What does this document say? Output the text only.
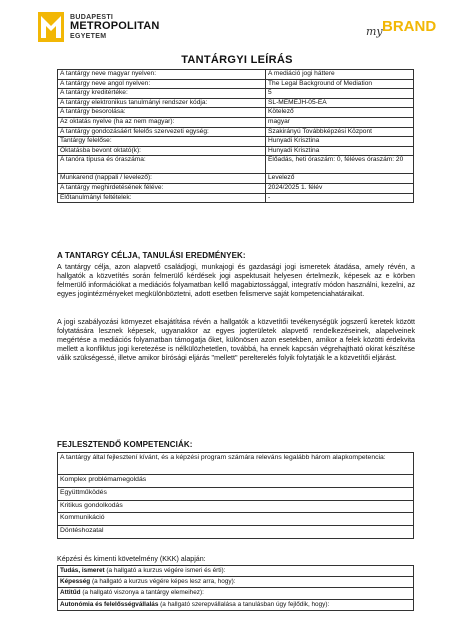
BUDAPESTI
METROPOLITAN
EGYETEM	my BRAND
TANTÁRGYI LEÍRÁS
A tantárgy neve magyar nyelven:	A mediáció jogi háttere
A tantárgy neve angol nyelven:	The Legal Background of Mediation
A tantárgy kreditértéke:	5
A tantárgy elektronikus tanulmányi rendszer kódja:	SL-MEMEJH-05-EA
A tantárgy besorolása:	Kötelező
Az oktatás nyelve (ha az nem magyar):	magyar
A tantárgy gondozásáért felelős szervezeti egység:	Szakirányú Továbbképzési Központ
Tantárgy felelőse:	Hunyadi Krisztina
Oktatásba bevont oktató(k):	Hunyadi Krisztina
A tanóra típusa és óraszáma:	Előadás, heti óraszám: 0, féléves óraszám: 20
Munkarend (nappali / levelező):	Levelező
A tantárgy meghirdetésének féléve:	2024/2025 1. félév
Előtanulmányi feltételek:	-
A TANTARGY CÉLJA, TANULÁSI EREDMÉNYEK:
A tantárgy célja, azon alapvető családjogi, munkajogi és gazdasági jogi ismeretek átadása, amely révén, a hallgatók a közvetítés során felmerülő kérdések jogi aspektusait helyesen értelmezik, képesek az e körben felmerülő információkat a mediációs folyamatban kellő magabiztossággal, integratív módon használni, kezelni, az egyes jogintézményeket megkülönböztetni, adott esetben felismerve saját kompetenciahatáraikat.
A jogi szabályozási környezet elsajátítása révén a hallgatók a közvetítői tevékenységük jogszerű keretek között folytatására lesznek képesek, ugyanakkor az egyes jogterületek alapvető rendelkezéseinek, alapelveinek megértése a mediációs folyamatban támogatja őket, különösen azon esetekben, amikor a felek közötti érdekvita mellett a konfliktus jogi keretezése is nélkülözhetetlen, továbbá, ha ennek kapcsán végrehajtható okirat készítése válik szükségessé, illetve amikor bírósági eljárás "mellett" perelterelés folyik folytatják le a közvetítői eljárást.
FEJLESZTENDŐ KOMPETENCIÁK:
A tantárgy által fejlesztení kívánt, és a képzési program számára releváns legalább három alapkompetencia:
Komplex problémamegoldás
Együttműködés
Kritikus gondolkodás
Kommunikáció
Döntéshozatal
Képzési és kimenti követelmény (KKK) alapján:
Tudás, ismeret (a hallgató a kurzus végére ismeri és érti):
Képesség (a hallgató a kurzus végére képes lesz arra, hogy):
Attitűd (a hallgató viszonya a tantárgy elemeihez):
Autonómia és felelősségvállalás (a hallgató szerepvállalása a tanulásban úgy fejlődik, hogy):
